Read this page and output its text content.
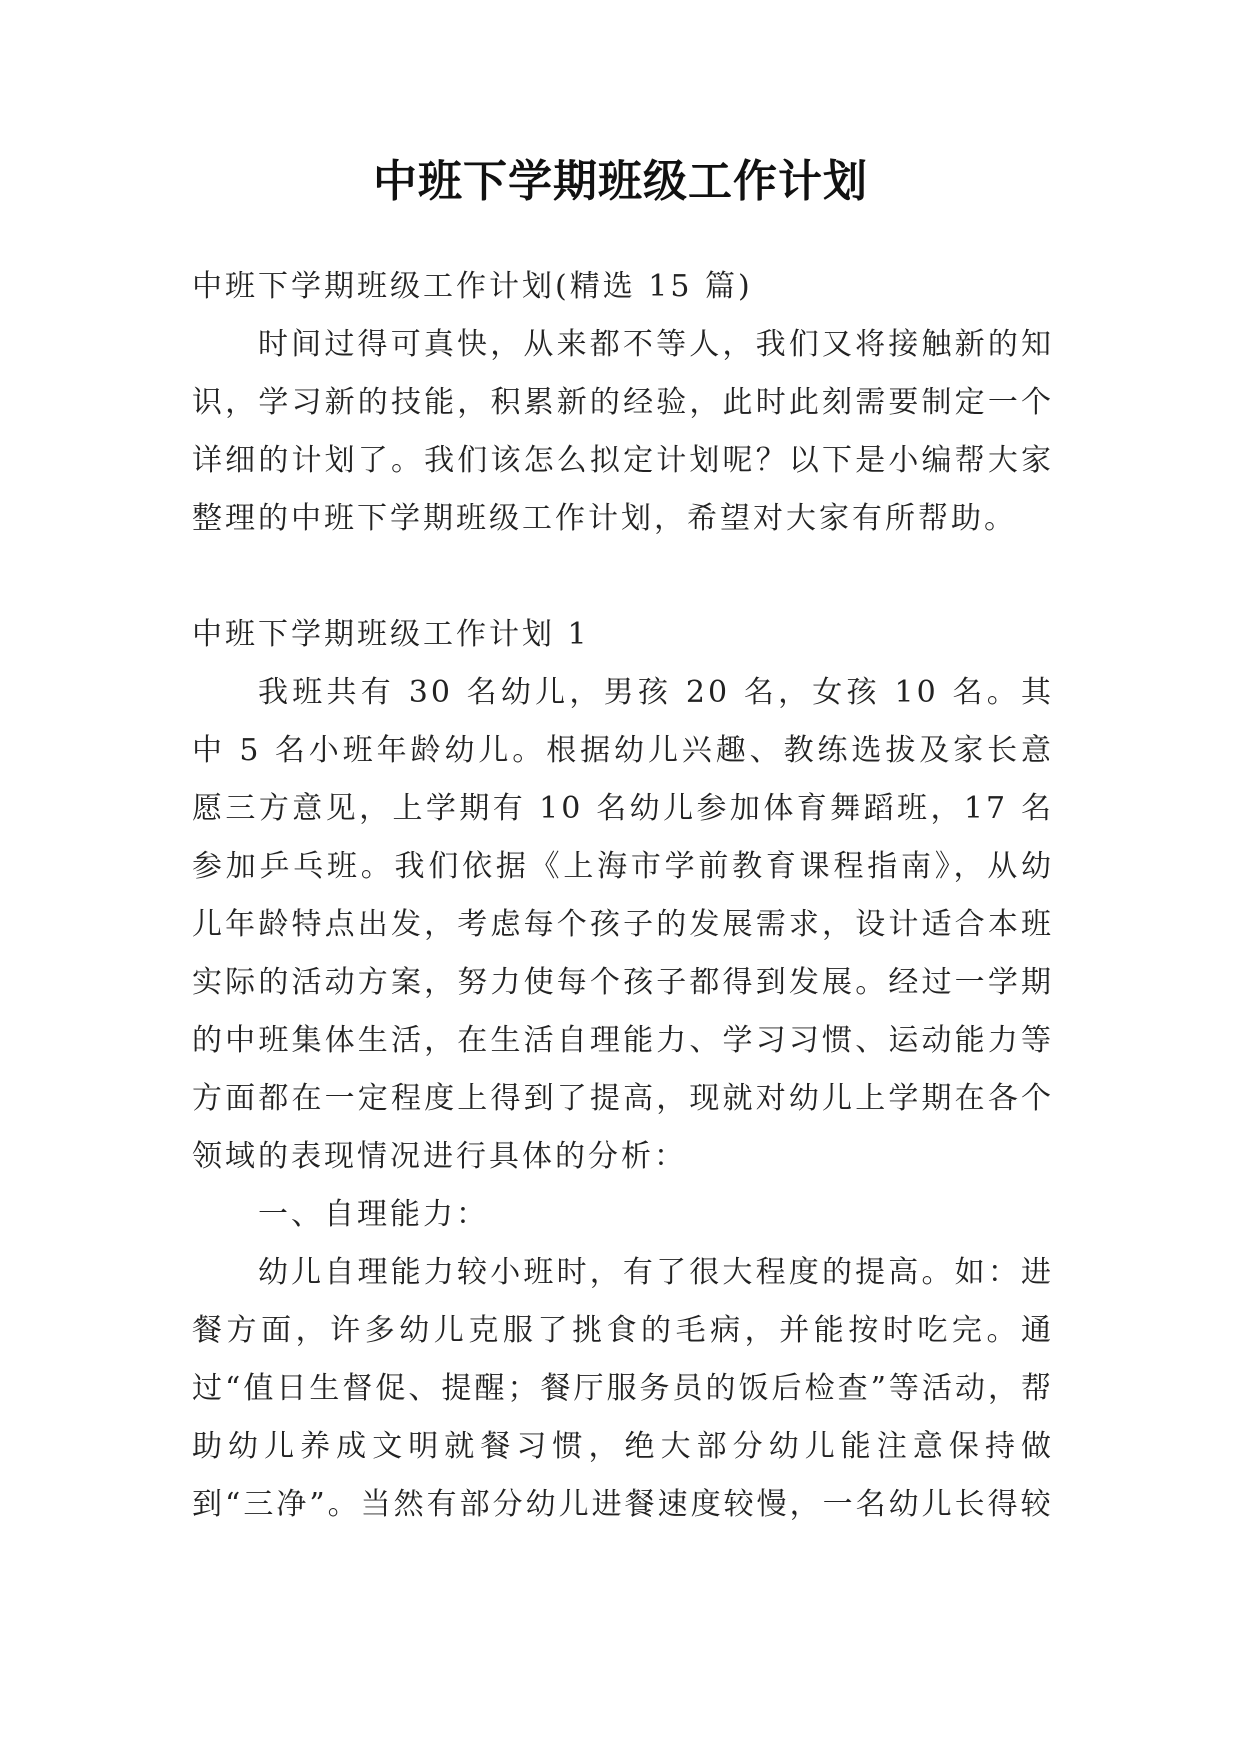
中班下学期班级工作计划

中班下学期班级工作计划(精选 15 篇)

时间过得可真快，从来都不等人，我们又将接触新的知识，学习新的技能，积累新的经验，此时此刻需要制定一个详细的计划了。我们该怎么拟定计划呢？以下是小编帮大家整理的中班下学期班级工作计划，希望对大家有所帮助。

中班下学期班级工作计划 1

我班共有 30 名幼儿，男孩 20 名，女孩 10 名。其中 5 名小班年龄幼儿。根据幼儿兴趣、教练选拔及家长意愿三方意见，上学期有 10 名幼儿参加体育舞蹈班，17 名参加乒乓班。我们依据《上海市学前教育课程指南》，从幼儿年龄特点出发，考虑每个孩子的发展需求，设计适合本班实际的活动方案，努力使每个孩子都得到发展。经过一学期的中班集体生活，在生活自理能力、学习习惯、运动能力等方面都在一定程度上得到了提高，现就对幼儿上学期在各个领域的表现情况进行具体的分析：

一、自理能力：

幼儿自理能力较小班时，有了很大程度的提高。如：进餐方面，许多幼儿克服了挑食的毛病，并能按时吃完。通过“值日生督促、提醒；餐厅服务员的饭后检查”等活动，帮助幼儿养成文明就餐习惯，绝大部分幼儿能注意保持做到“三净”。当然有部分幼儿进餐速度较慢，一名幼儿长得较
